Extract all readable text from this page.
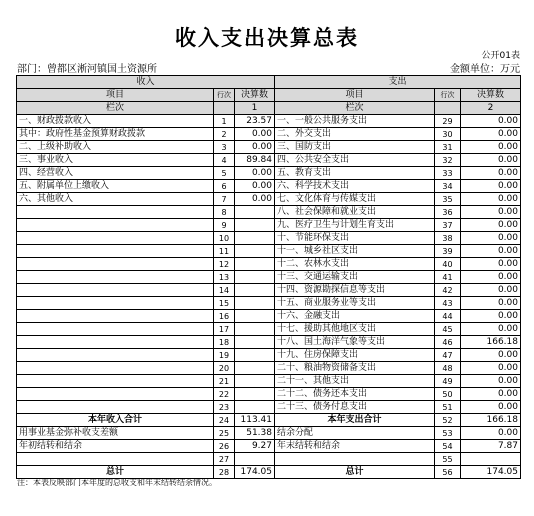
收入支出决算总表
公开01表
部门：曾都区淅河镇国土资源所	金额单位：万元
收入			支出		
项目	行次	决算数	项目	行次	决算数
栏次		1	栏次		2
一、财政拨款收入	1	23.57	一、一般公共服务支出	29	0.00
其中：政府性基金预算财政拨款	2	0.00	二、外交支出	30	0.00
二、上级补助收入	3	0.00	三、国防支出	31	0.00
三、事业收入	4	89.84	四、公共安全支出	32	0.00
四、经营收入	5	0.00	五、教育支出	33	0.00
五、附属单位上缴收入	6	0.00	六、科学技术支出	34	0.00
六、其他收入	7	0.00	七、文化体育与传媒支出	35	0.00
	8		八、社会保障和就业支出	36	0.00
	9		九、医疗卫生与计划生育支出	37	0.00
	10		十、节能环保支出	38	0.00
	11		十一、城乡社区支出	39	0.00
	12		十二、农林水支出	40	0.00
	13		十三、交通运输支出	41	0.00
	14		十四、资源勘探信息等支出	42	0.00
	15		十五、商业服务业等支出	43	0.00
	16		十六、金融支出	44	0.00
	17		十七、援助其他地区支出	45	0.00
	18		十八、国土海洋气象等支出	46	166.18
	19		十九、住房保障支出	47	0.00
	20		二十、粮油物资储备支出	48	0.00
	21		二十一、其他支出	49	0.00
	22		二十二、债务还本支出	50	0.00
	23		二十三、债务付息支出	51	0.00
本年收入合计	24	113.41	本年支出合计	52	166.18
用事业基金弥补收支差额	25	51.38	结余分配	53	0.00
年初结转和结余	26	9.27	年末结转和结余	54	7.87
	27			55	
总计	28	174.05	总计	56	174.05
注：本表反映部门本年度的总收支和年末结转结余情况。
